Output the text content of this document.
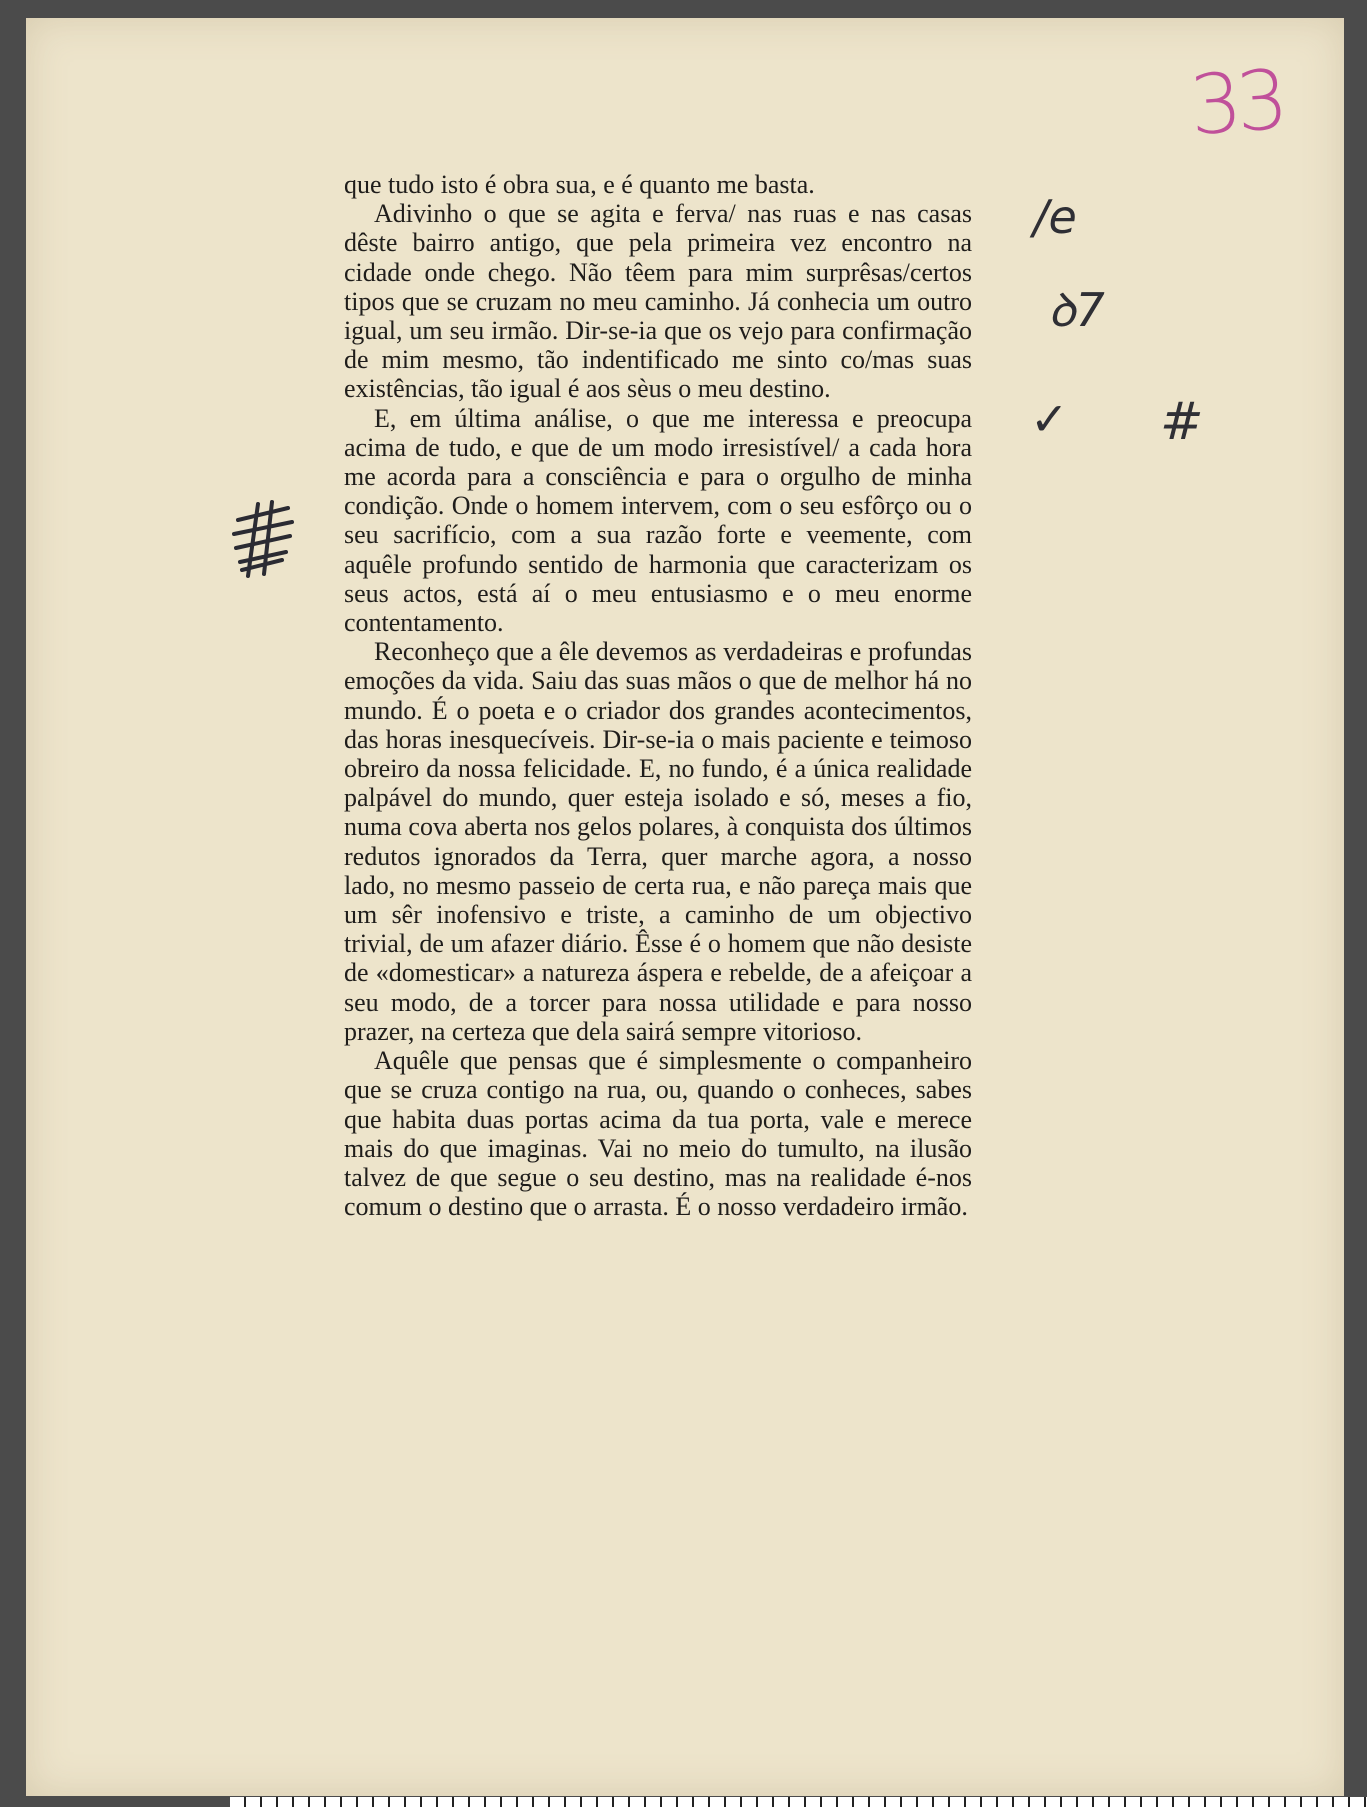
33
/e
ꝺ7
✓ #

que tudo isto é obra sua, e é quanto me basta.

Adivinho o que se agita e ferva/ nas ruas e nas casas dêste bairro antigo, que pela primeira vez encontro na cidade onde chego. Não têem para mim surprêsas/certos tipos que se cruzam no meu caminho. Já conhecia um outro igual, um seu irmão. Dir-se-ia que os vejo para confirmação de mim mesmo, tão indentificado me sinto co/mas suas existências, tão igual é aos sèus o meu destino.

E, em última análise, o que me interessa e preocupa acima de tudo, e que de um modo irresistível/ a cada hora me acorda para a consciência e para o orgulho de minha condição. Onde o homem intervem, com o seu esfôrço ou o seu sacrifício, com a sua razão forte e veemente, com aquêle profundo sentido de harmonia que caracterizam os seus actos, está aí o meu entusiasmo e o meu enorme contentamento.

Reconheço que a êle devemos as verdadeiras e profundas emoções da vida. Saiu das suas mãos o que de melhor há no mundo. É o poeta e o criador dos grandes acontecimentos, das horas inesquecíveis. Dir-se-ia o mais paciente e teimoso obreiro da nossa felicidade. E, no fundo, é a única realidade palpável do mundo, quer esteja isolado e só, meses a fio, numa cova aberta nos gelos polares, à conquista dos últimos redutos ignorados da Terra, quer marche agora, a nosso lado, no mesmo passeio de certa rua, e não pareça mais que um sêr inofensivo e triste, a caminho de um objectivo trivial, de um afazer diário. Êsse é o homem que não desiste de «domesticar» a natureza áspera e rebelde, de a afeiçoar a seu modo, de a torcer para nossa utilidade e para nosso prazer, na certeza que dela sairá sempre vitorioso.

Aquêle que pensas que é simplesmente o companheiro que se cruza contigo na rua, ou, quando o conheces, sabes que habita duas portas acima da tua porta, vale e merece mais do que imaginas. Vai no meio do tumulto, na ilusão talvez de que segue o seu destino, mas na realidade é-nos comum o destino que o arrasta. É o nosso verdadeiro irmão.
